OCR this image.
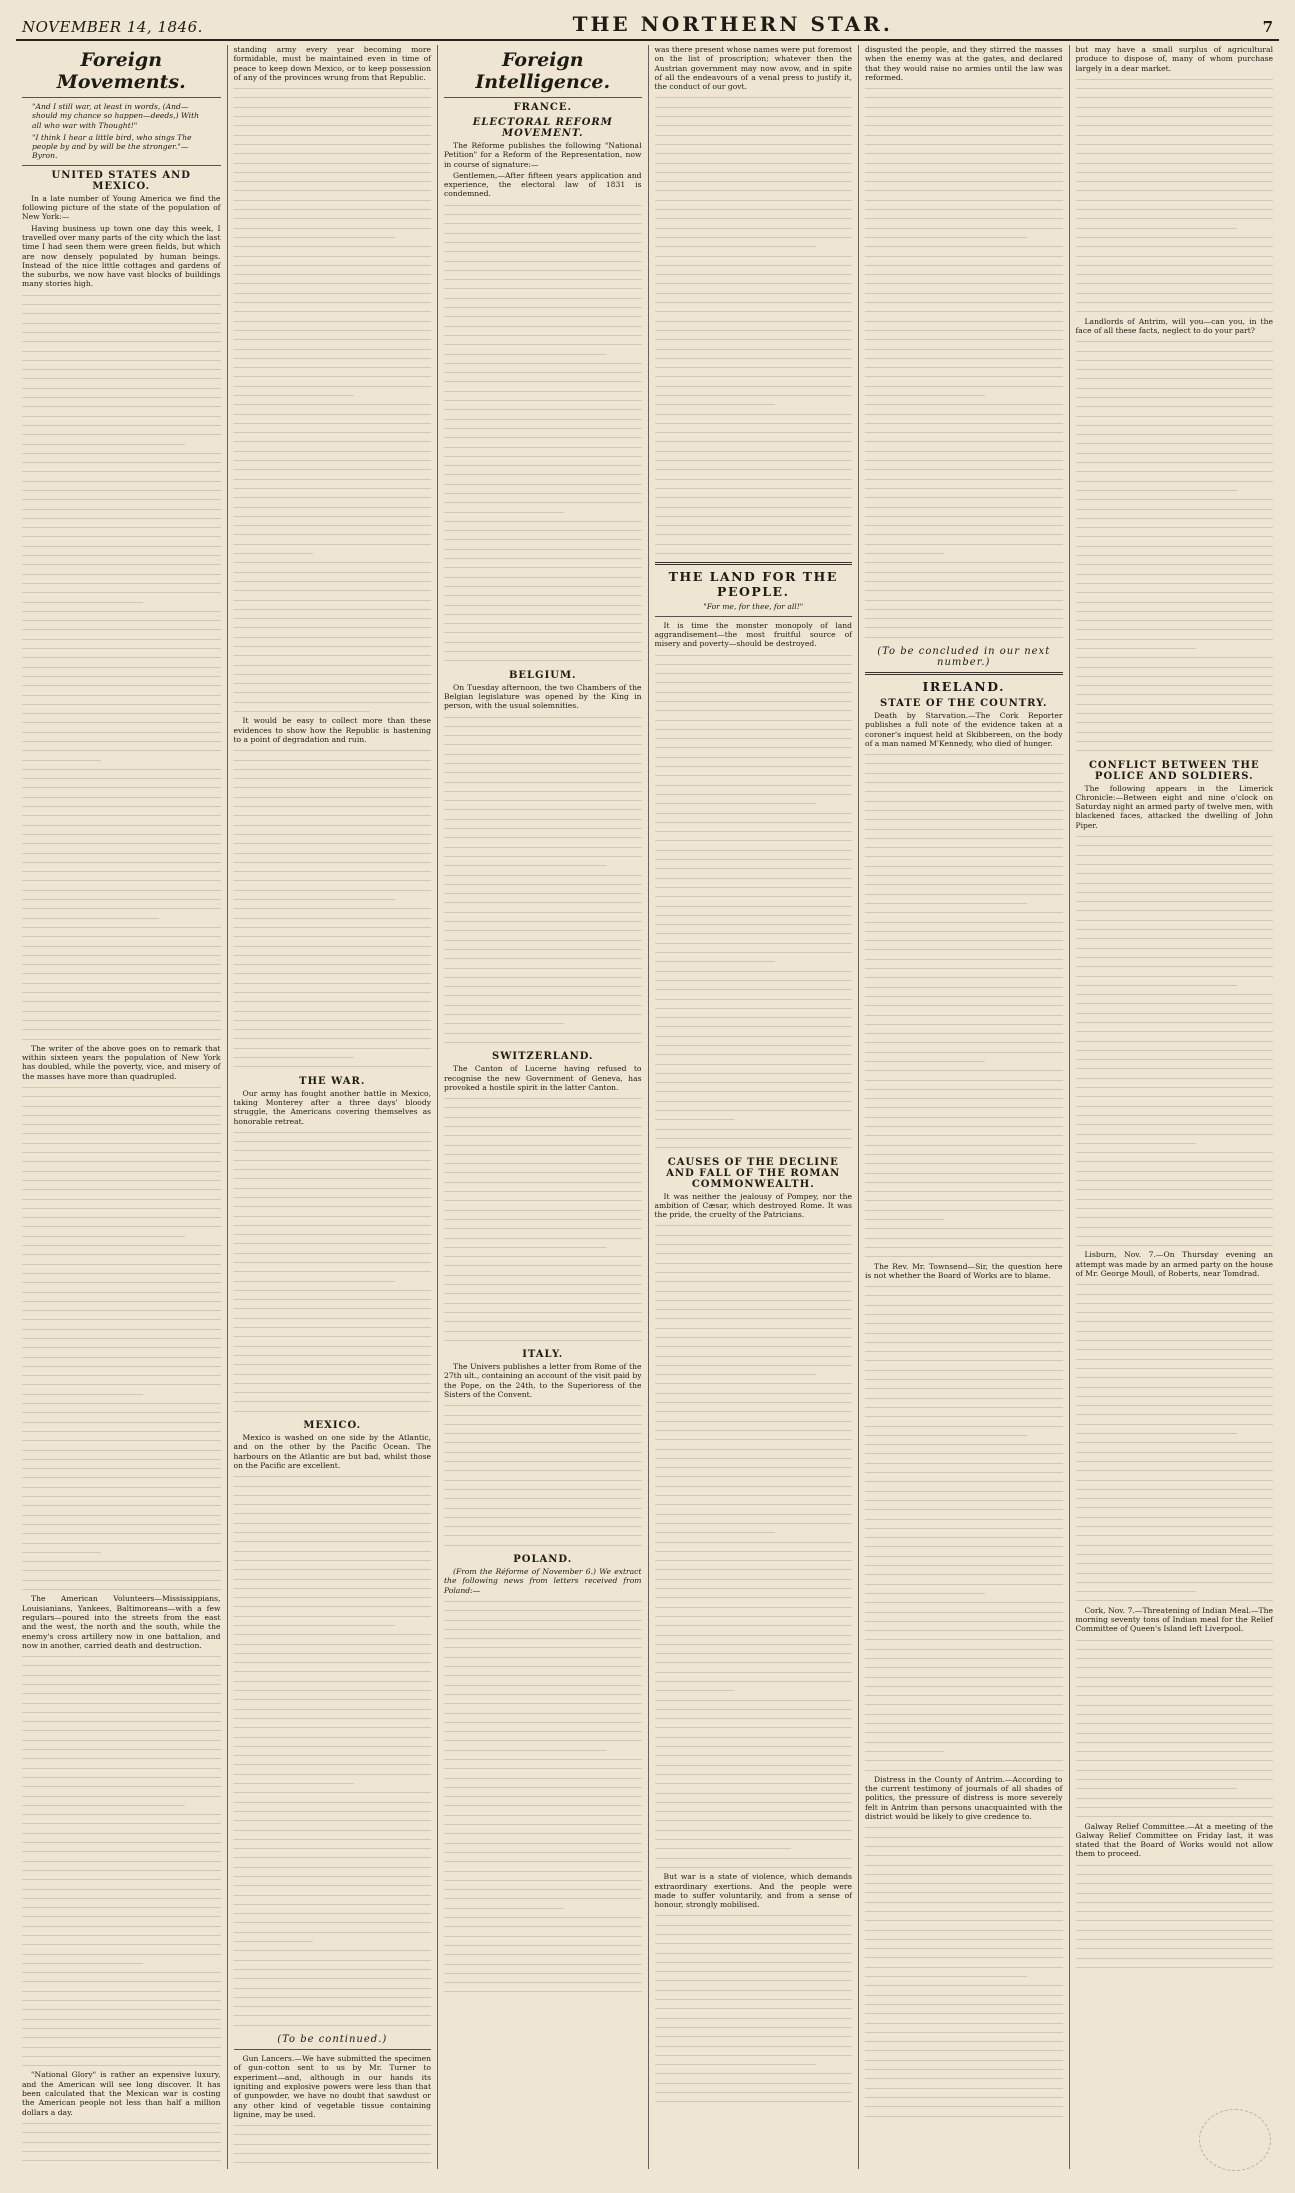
NOVEMBER 14, 1846.	THE NORTHERN STAR.	7
Foreign Movements.

"And I still war, at least in words, (And—should my chance so happen—deeds,) With all who war with Thought!"

"I think I hear a little bird, who sings The people by and by will be the stronger."—Byron.

UNITED STATES AND MEXICO.

In a late number of Young America we find the following picture of the state of the population of New York:—

Having business up town one day this week, I travelled over many parts of the city which the last time I had seen them were green fields, but which are now densely populated by human beings. Instead of the nice little cottages and gardens of the suburbs, we now have vast blocks of buildings many stories high.

The writer of the above goes on to remark that within sixteen years the population of New York has doubled, while the poverty, vice, and misery of the masses have more than quadrupled.

The American Volunteers—Mississippians, Louisianians, Yankees, Baltimoreans—with a few regulars—poured into the streets from the east and the west, the north and the south, while the enemy's cross artillery now in one battalion, and now in another, carried death and destruction.

"National Glory" is rather an expensive luxury, and the American will see long discover. It has been calculated that the Mexican war is costing the American people not less than half a million dollars a day.

standing army every year becoming more formidable, must be maintained even in time of peace to keep down Mexico, or to keep possession of any of the provinces wrung from that Republic.

It would be easy to collect more than these evidences to show how the Republic is hastening to a point of degradation and ruin.

THE WAR.

Our army has fought another battle in Mexico, taking Monterey after a three days' bloody struggle, the Americans covering themselves as honorable retreat.

MEXICO.

Mexico is washed on one side by the Atlantic, and on the other by the Pacific Ocean. The harbours on the Atlantic are but bad, whilst those on the Pacific are excellent.

(To be continued.)

Gun Lancers.—We have submitted the specimen of gun-cotton sent to us by Mr. Turner to experiment—and, although in our hands its igniting and explosive powers were less than that of gunpowder, we have no doubt that sawdust or any other kind of vegetable tissue containing lignine, may be used.

Foreign Intelligence.
FRANCE.
ELECTORAL REFORM MOVEMENT.

The Réforme publishes the following "National Petition" for a Reform of the Representation, now in course of signature:—

Gentlemen,—After fifteen years application and experience, the electoral law of 1831 is condemned.

BELGIUM.

On Tuesday afternoon, the two Chambers of the Belgian legislature was opened by the King in person, with the usual solemnities.

SWITZERLAND.

The Canton of Lucerne having refused to recognise the new Government of Geneva, has provoked a hostile spirit in the latter Canton.

ITALY.

The Univers publishes a letter from Rome of the 27th ult., containing an account of the visit paid by the Pope, on the 24th, to the Superioress of the Sisters of the Convent.

POLAND.

(From the Réforme of November 6.) We extract the following news from letters received from Poland:—

was there present whose names were put foremost on the list of proscription; whatever then the Austrian government may now avow, and in spite of all the endeavours of a venal press to justify it, the conduct of our govt.

THE LAND FOR THE PEOPLE.
"For me, for thee, for all!"

It is time the monster monopoly of land aggrandisement—the most fruitful source of misery and poverty—should be destroyed.

CAUSES OF THE DECLINE AND FALL OF THE ROMAN COMMONWEALTH.

It was neither the jealousy of Pompey, nor the ambition of Cæsar, which destroyed Rome. It was the pride, the cruelty of the Patricians.

But war is a state of violence, which demands extraordinary exertions. And the people were made to suffer voluntarily, and from a sense of honour, strongly mobilised.

disgusted the people, and they stirred the masses when the enemy was at the gates, and declared that they would raise no armies until the law was reformed.

(To be concluded in our next number.)
IRELAND.
STATE OF THE COUNTRY.

Death by Starvation.—The Cork Reporter publishes a full note of the evidence taken at a coroner's inquest held at Skibbereen, on the body of a man named M'Kennedy, who died of hunger.

The Rev. Mr. Townsend—Sir, the question here is not whether the Board of Works are to blame.

Distress in the County of Antrim.—According to the current testimony of journals of all shades of politics, the pressure of distress is more severely felt in Antrim than persons unacquainted with the district would be likely to give credence to.

but may have a small surplus of agricultural produce to dispose of, many of whom purchase largely in a dear market.

Landlords of Antrim, will you—can you, in the face of all these facts, neglect to do your part?

CONFLICT BETWEEN THE POLICE AND SOLDIERS.

The following appears in the Limerick Chronicle:—Between eight and nine o'clock on Saturday night an armed party of twelve men, with blackened faces, attacked the dwelling of John Piper.

Lisburn, Nov. 7.—On Thursday evening an attempt was made by an armed party on the house of Mr. George Moull, of Roberts, near Tomdrad.

Cork, Nov. 7.—Threatening of Indian Meal.—The morning seventy tons of Indian meal for the Relief Committee of Queen's Island left Liverpool.

Galway Relief Committee.—At a meeting of the Galway Relief Committee on Friday last, it was stated that the Board of Works would not allow them to proceed.
